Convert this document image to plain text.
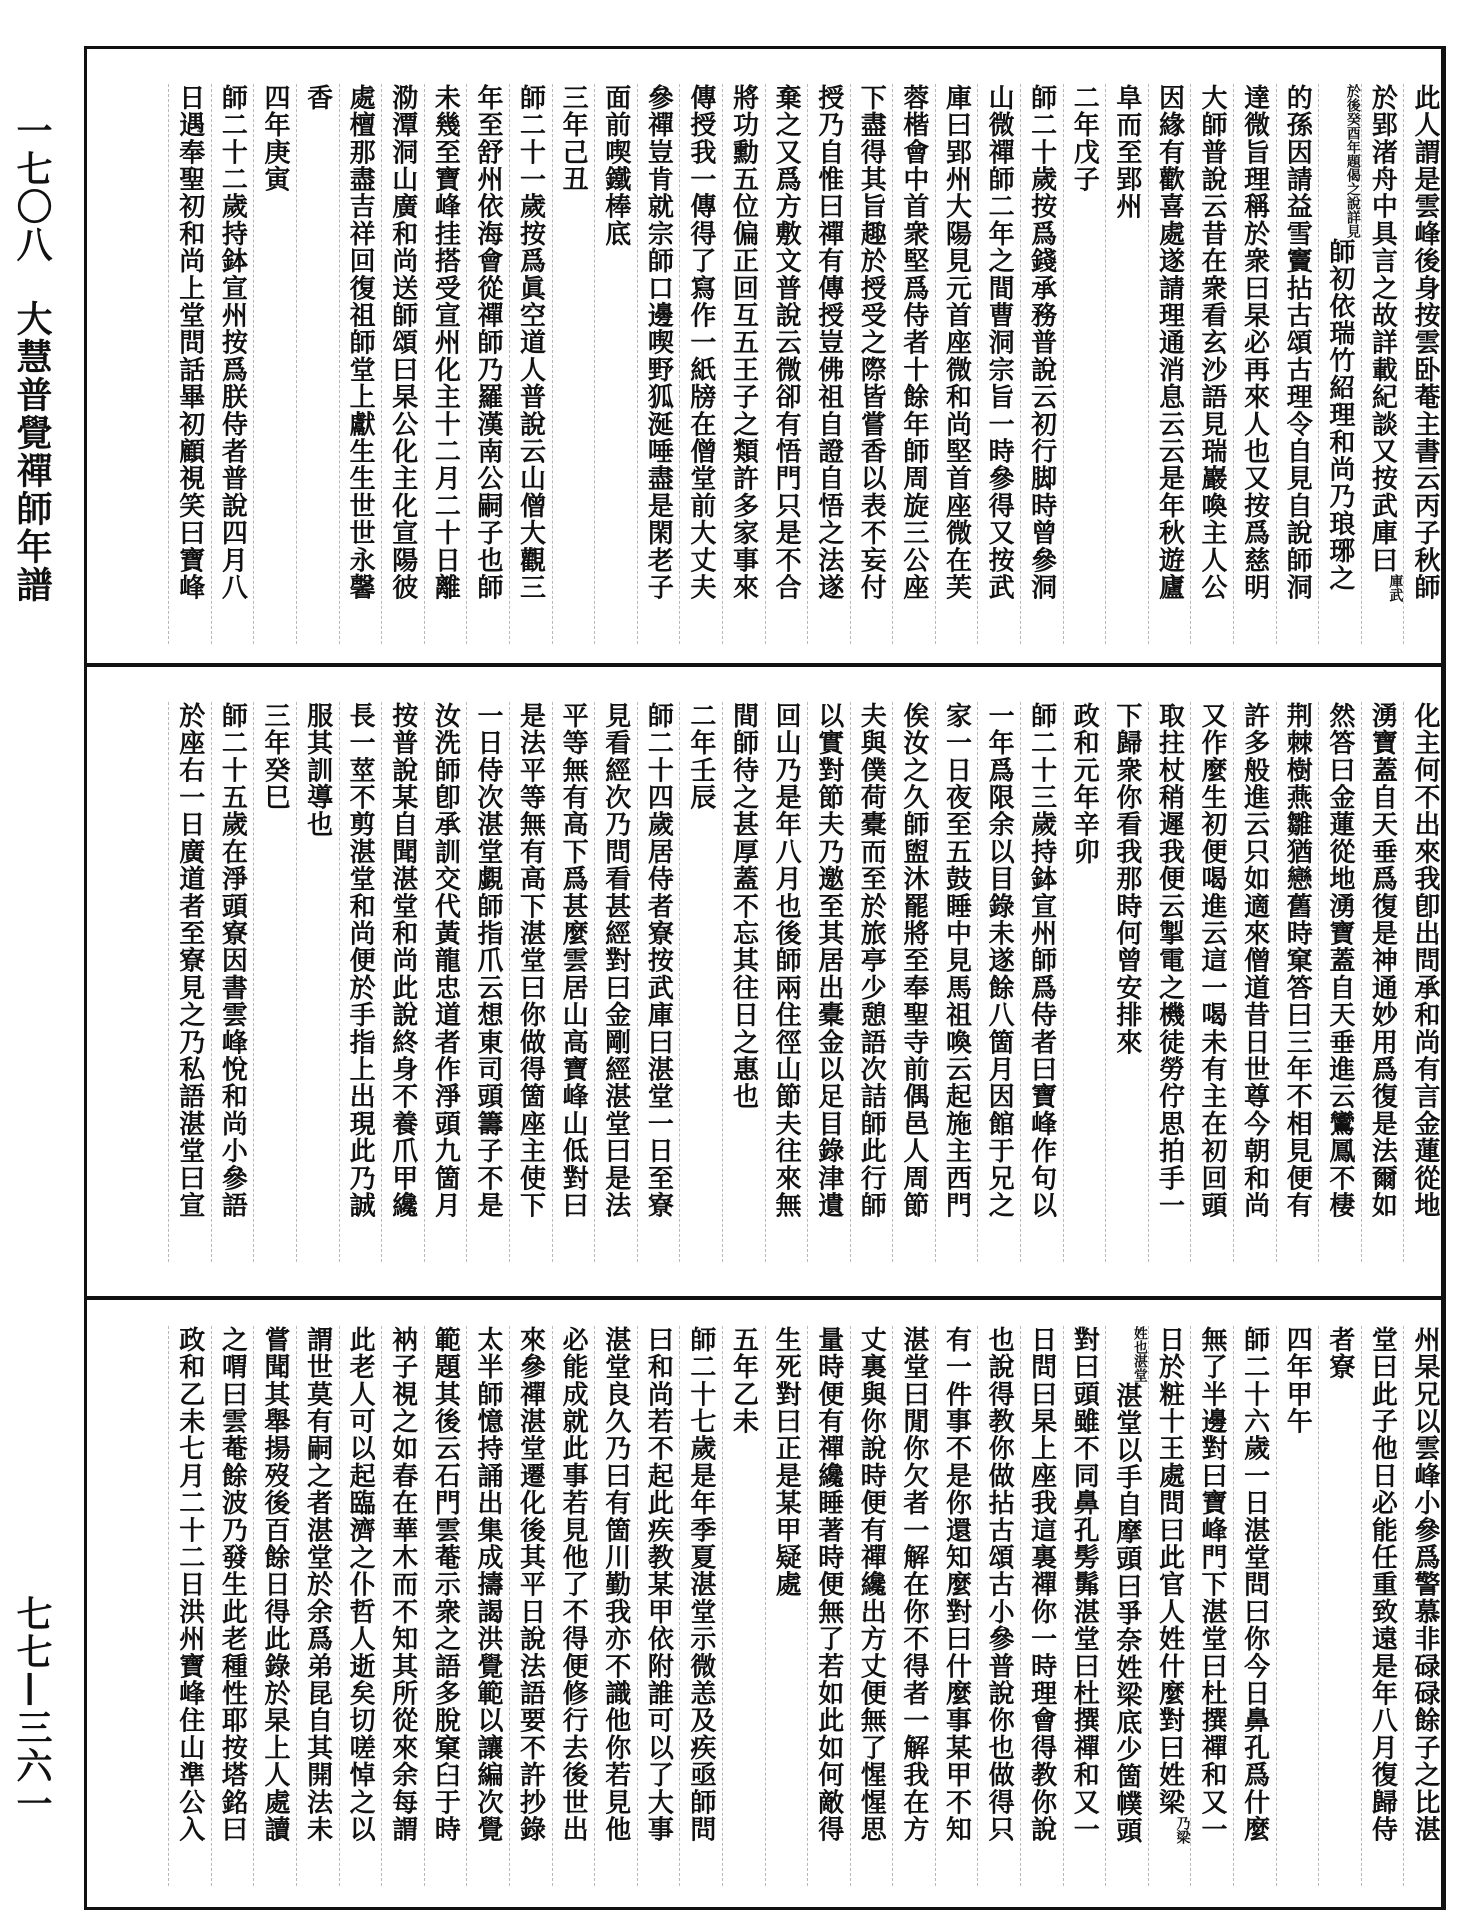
一七〇八
大慧普覺禪師年譜
七七—三六一
此人謂是雲峰後身按雲卧菴主書云丙子秋師
於郢渚舟中具言之故詳載紀談又按武庫曰
武
庫
題偈之說詳見
於後癸酉年
師初依瑞竹紹理和尚乃琅琊之
的孫因請益雪竇拈古頌古理令自見自說師洞
達微旨理稱於衆曰杲必再來人也又按爲慈明
大師普說云昔在衆看玄沙語見瑞巖喚主人公
因緣有歡喜處遂請理通消息云云是年秋遊廬
阜而至郢州
二年戊子
師二十歲按爲錢承務普說云初行脚時曾參洞
山微禪師二年之間曹洞宗旨一時參得又按武
庫曰郢州大陽見元首座微和尚堅首座微在芙
蓉楷會中首衆堅爲侍者十餘年師周旋三公座
下盡得其旨趣於授受之際皆嘗香以表不妄付
授乃自惟曰禪有傳授豈佛祖自證自悟之法遂
棄之又爲方敷文普說云微卻有悟門只是不合
將功勳五位偏正回互五王子之類許多家事來
傳授我一傳得了寫作一紙牓在僧堂前大丈夫
參禪豈肯就宗師口邊喫野狐涎唾盡是閑老子
面前喫鐵棒底
三年己丑
師二十一歲按爲眞空道人普說云山僧大觀三
年至舒州依海會從禪師乃羅漢南公嗣子也師
未幾至寶峰挂搭受宣州化主十二月二十日離
泐潭洞山廣和尚送師頌曰杲公化主化宣陽彼
處檀那盡吉祥回復祖師堂上獻生生世世永馨
香
四年庚寅
師二十二歲持鉢宣州按爲朕侍者普說四月八
日遇奉聖初和尚上堂問話畢初顧視笑曰寶峰
化主何不出來我卽出問承和尚有言金蓮從地
湧寶蓋自天垂爲復是神通妙用爲復是法爾如
然答曰金蓮從地湧寶蓋自天垂進云鸞鳳不棲
荆棘樹燕雛猶戀舊時窠答曰三年不相見便有
許多般進云只如適來僧道昔日世尊今朝和尚
又作麼生初便喝進云這一喝未有主在初回頭
取拄杖稍遲我便云掣電之機徒勞佇思拍手一
下歸衆你看我那時何曾安排來
政和元年辛卯
師二十三歲持鉢宣州師爲侍者曰寶峰作句以
一年爲限余以目錄未遂餘八箇月因館于兄之
家一日夜至五鼓睡中見馬祖喚云起施主西門
俟汝之久師盥沐罷將至奉聖寺前偶邑人周節
夫與僕荷橐而至於旅亭少憩語次詰師此行師
以實對節夫乃邀至其居出橐金以足目錄津遺
回山乃是年八月也後師兩住徑山節夫往來無
間師待之甚厚蓋不忘其往日之惠也
二年壬辰
師二十四歲居侍者寮按武庫曰湛堂一日至寮
見看經次乃問看甚經對曰金剛經湛堂曰是法
平等無有高下爲甚麼雲居山高寶峰山低對曰
是法平等無有高下湛堂曰你做得箇座主使下
一日侍次湛堂覷師指爪云想東司頭籌子不是
汝洗師卽承訓交代黃龍忠道者作淨頭九箇月
按普說某自聞湛堂和尚此說終身不養爪甲纔
長一莖不剪湛堂和尚便於手指上出現此乃誠
服其訓導也
三年癸巳
師二十五歲在淨頭寮因書雲峰悅和尚小參語
於座右一日廣道者至寮見之乃私語湛堂曰宣
州杲兄以雲峰小參爲警慕非碌碌餘子之比湛
堂曰此子他日必能任重致遠是年八月復歸侍
者寮
四年甲午
師二十六歲一日湛堂問曰你今日鼻孔爲什麼
無了半邊對曰寶峰門下湛堂曰杜撰禪和又一
日於粧十王處問曰此官人姓什麼對曰姓梁
梁
乃
湛堂
姓也
湛堂以手自摩頭曰爭奈姓梁底少箇幞頭
對曰頭雖不同鼻孔髣髴湛堂曰杜撰禪和又一
日問曰杲上座我這裏禪你一時理會得教你說
也說得教你做拈古頌古小參普說你也做得只
有一件事不是你還知麼對曰什麼事某甲不知
湛堂曰閒你欠者一解在你不得者一解我在方
丈裏與你說時便有禪纔出方丈便無了惺惺思
量時便有禪纔睡著時便無了若如此如何敵得
生死對曰正是某甲疑處
五年乙未
師二十七歲是年季夏湛堂示微恙及疾亟師問
曰和尚若不起此疾教某甲依附誰可以了大事
湛堂良久乃曰有箇川勤我亦不識他你若見他
必能成就此事若見他了不得便修行去後世出
來參禪湛堂遷化後其平日說法語要不許抄錄
太半師憶持誦出集成擣謁洪覺範以讓編次覺
範題其後云石門雲菴示衆之語多脫窠臼于時
衲子視之如春在華木而不知其所從來余每謂
此老人可以起臨濟之仆哲人逝矣切嗟悼之以
謂世莫有嗣之者湛堂於余爲弟昆自其開法未
嘗聞其舉揚歿後百餘日得此錄於杲上人處讀
之喟曰雲菴餘波乃發生此老種性耶按塔銘曰
政和乙未七月二十二日洪州寶峰住山準公入
